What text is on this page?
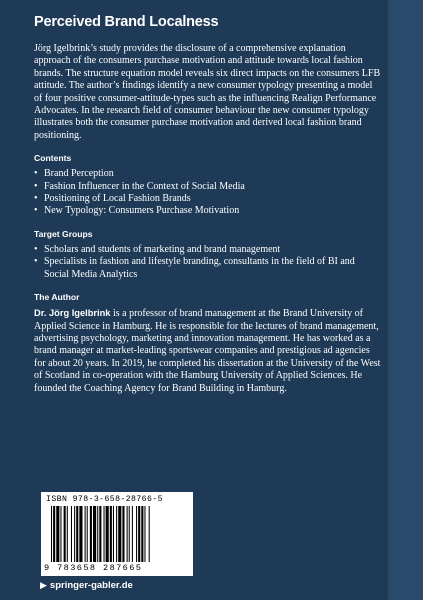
Perceived Brand Localness

Jörg Igelbrink’s study provides the disclosure of a comprehensive explanation approach of the consumers purchase motivation and attitude towards local fashion brands. The structure equation model reveals six direct impacts on the consumers LFB attitude. The author’s findings identify a new consumer typology presenting a model of four positive consumer-attitude-types such as the influencing Realign Performance Advocates. In the research field of consumer behaviour the new consumer typology illustrates both the consumer purchase motivation and derived local fashion brand positioning.

Contents
• Brand Perception
• Fashion Influencer in the Context of Social Media
• Positioning of Local Fashion Brands
• New Typology: Consumers Purchase Motivation
Target Groups
• Scholars and students of marketing and brand management
• Specialists in fashion and lifestyle branding, consultants in the field of BI and Social Media Analytics
The Author

Dr. Jörg Igelbrink is a professor of brand management at the Brand University of Applied Science in Hamburg. He is responsible for the lectures of brand management, advertising psychology, marketing and innovation management. He has worked as a brand manager at market-leading sportswear companies and prestigious ad agencies for about 20 years. In 2019, he completed his dissertation at the University of the West of Scotland in co-operation with the Hamburg University of Applied Sciences. He founded the Coaching Agency for Brand Building in Hamburg.

ISBN 978-3-658-28766-5
9 783658 287665
▶ springer-gabler.de
